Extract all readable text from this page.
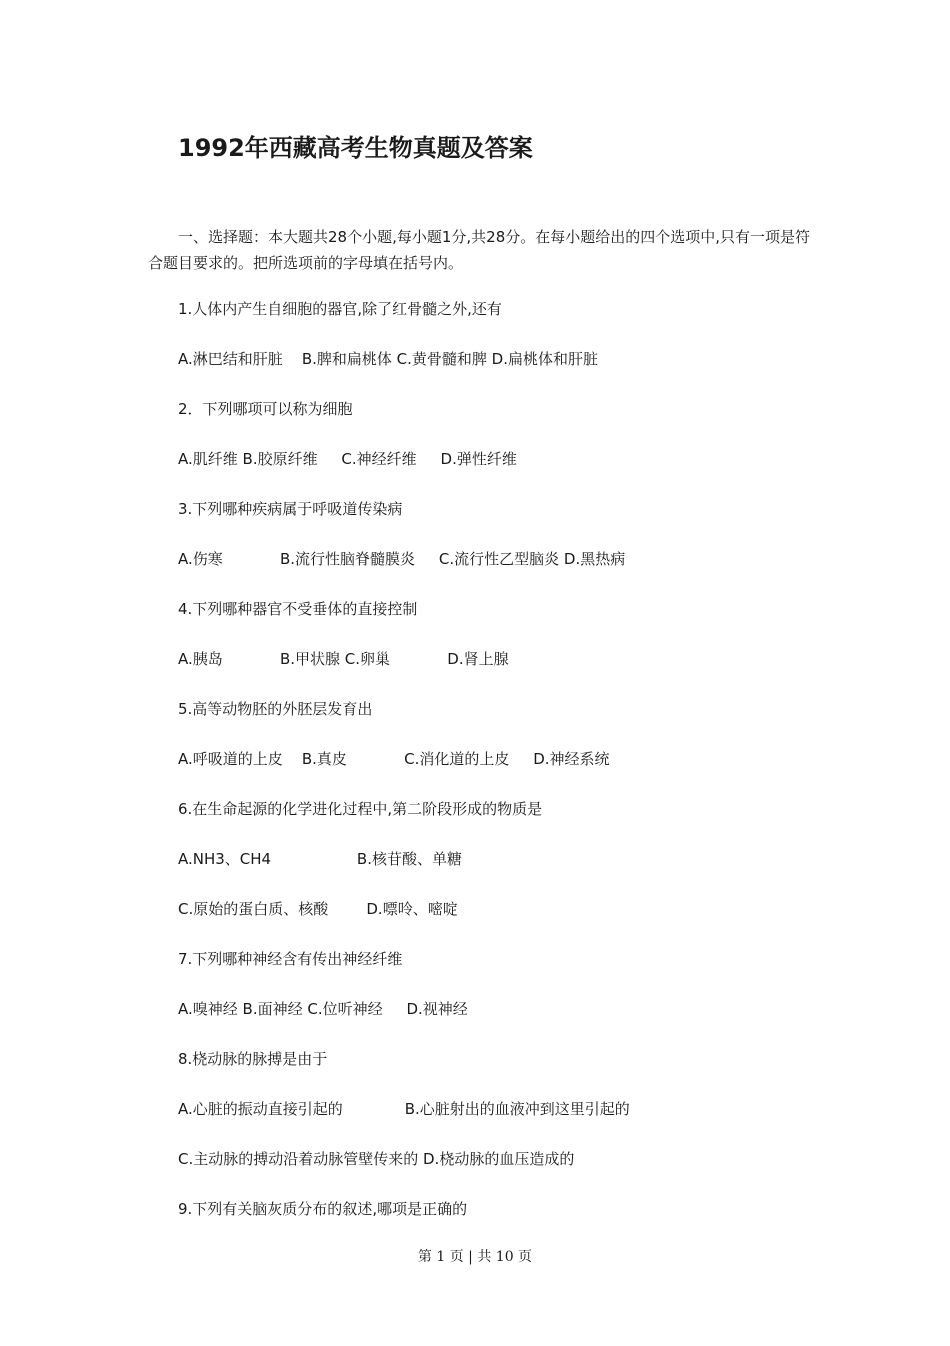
1992年西藏高考生物真题及答案
一、选择题：本大题共28个小题,每小题1分,共28分。在每小题给出的四个选项中,只有一项是符合题目要求的。把所选项前的字母填在括号内。
1.人体内产生自细胞的器官,除了红骨髓之外,还有
A.淋巴结和肝脏    B.脾和扁桃体 C.黄骨髓和脾 D.扁桃体和肝脏
2．下列哪项可以称为细胞
A.肌纤维 B.胶原纤维     C.神经纤维     D.弹性纤维
3.下列哪种疾病属于呼吸道传染病
A.伤寒            B.流行性脑脊髓膜炎     C.流行性乙型脑炎 D.黑热病
4.下列哪种器官不受垂体的直接控制
A.胰岛            B.甲状腺 C.卵巢            D.肾上腺
5.高等动物胚的外胚层发育出
A.呼吸道的上皮    B.真皮            C.消化道的上皮     D.神经系统
6.在生命起源的化学进化过程中,第二阶段形成的物质是
A.NH3、CH4                  B.核苷酸、单糖
C.原始的蛋白质、核酸        D.嘌呤、嘧啶
7.下列哪种神经含有传出神经纤维
A.嗅神经 B.面神经 C.位听神经     D.视神经
8.桡动脉的脉搏是由于
A.心脏的振动直接引起的             B.心脏射出的血液冲到这里引起的
C.主动脉的搏动沿着动脉管壁传来的 D.桡动脉的血压造成的
9.下列有关脑灰质分布的叙述,哪项是正确的
第 1 页 | 共 10 页
